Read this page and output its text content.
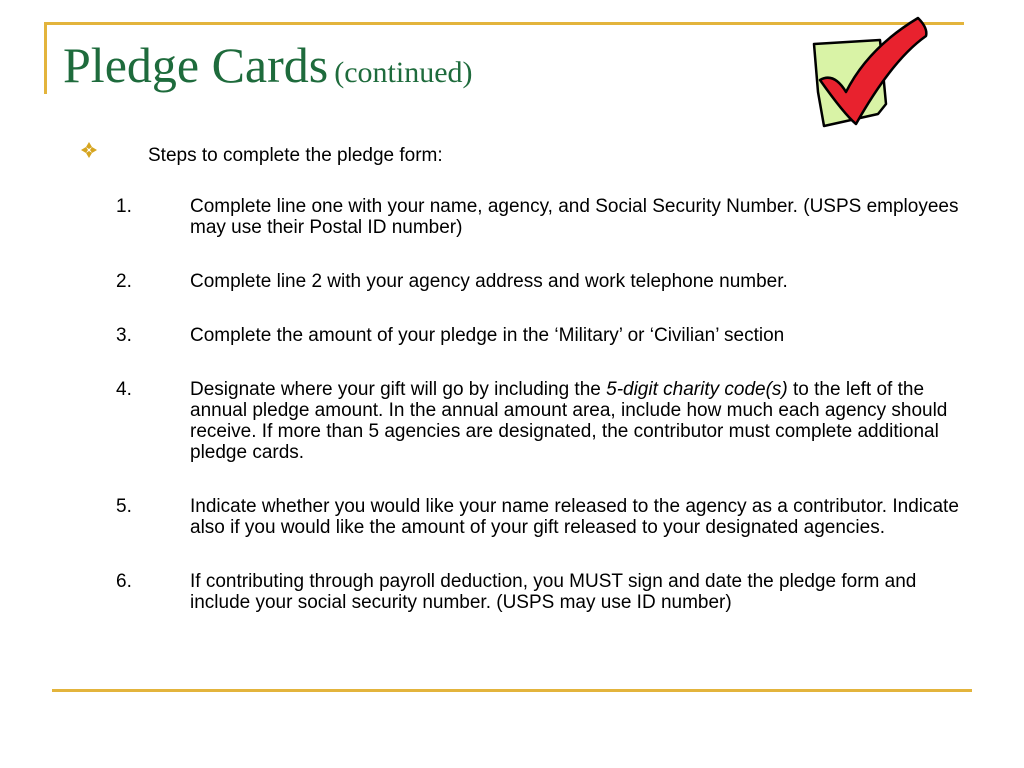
Pledge Cards (continued)
Steps to complete the pledge form:
1.	Complete line one with your name, agency, and Social Security Number. (USPS employees may use their Postal ID number)
2.	Complete line 2 with your agency address and work telephone number.
3.	Complete the amount of your pledge in the ‘Military’ or ‘Civilian’ section
4.	Designate where your gift will go by including the 5-digit charity code(s) to the left of the annual pledge amount. In the annual amount area, include how much each agency should receive. If more than 5 agencies are designated, the contributor must complete additional pledge cards.
5.	Indicate whether you would like your name released to the agency as a contributor. Indicate also if you would like the amount of your gift released to your designated agencies.
6.	If contributing through payroll deduction, you MUST sign and date the pledge form and include your social security number. (USPS may use ID number)
